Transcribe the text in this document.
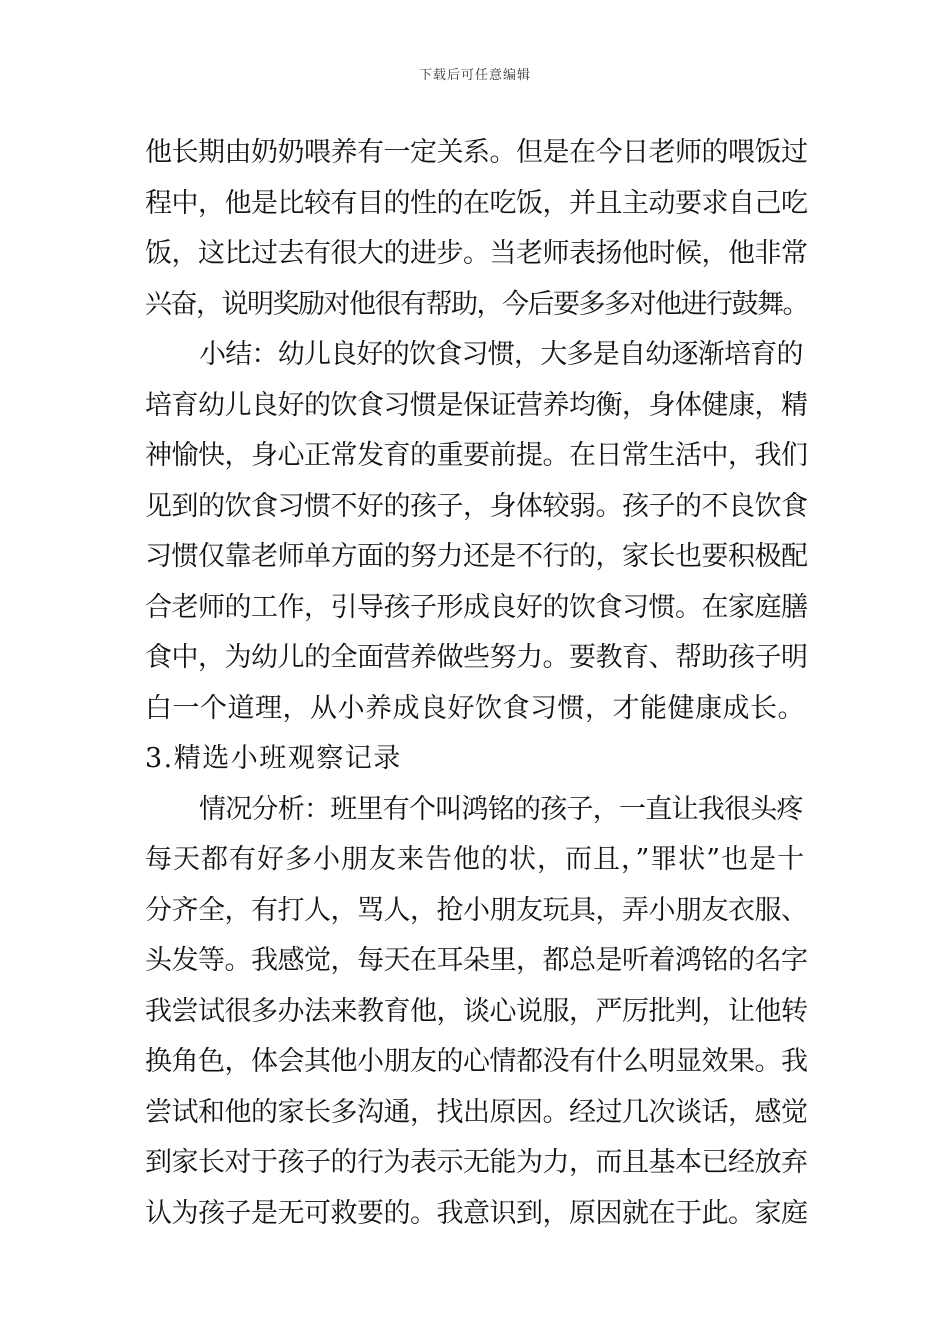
下载后可任意编辑
他长期由奶奶喂养有一定关系。但是在今日老师的喂饭过
程中，他是比较有目的性的在吃饭，并且主动要求自己吃
饭，这比过去有很大的进步。当老师表扬他时候，他非常
兴奋，说明奖励对他很有帮助，今后要多多对他进行鼓舞。
小结：幼儿良好的饮食习惯，大多是自幼逐渐培育的
培育幼儿良好的饮食习惯是保证营养均衡，身体健康，精
神愉快，身心正常发育的重要前提。在日常生活中，我们
见到的饮食习惯不好的孩子，身体较弱。孩子的不良饮食
习惯仅靠老师单方面的努力还是不行的，家长也要积极配
合老师的工作，引导孩子形成良好的饮食习惯。在家庭膳
食中，为幼儿的全面营养做些努力。要教育、帮助孩子明
白一个道理，从小养成良好饮食习惯，才能健康成长。
3.精选小班观察记录
情况分析：班里有个叫鸿铭的孩子，一直让我很头疼
每天都有好多小朋友来告他的状，而且，”罪状”也是十
分齐全，有打人，骂人，抢小朋友玩具，弄小朋友衣服、
头发等。我感觉，每天在耳朵里，都总是听着鸿铭的名字
我尝试很多办法来教育他，谈心说服，严厉批判，让他转
换角色，体会其他小朋友的心情都没有什么明显效果。我
尝试和他的家长多沟通，找出原因。经过几次谈话，感觉
到家长对于孩子的行为表示无能为力，而且基本已经放弃
认为孩子是无可救要的。我意识到，原因就在于此。家庭
